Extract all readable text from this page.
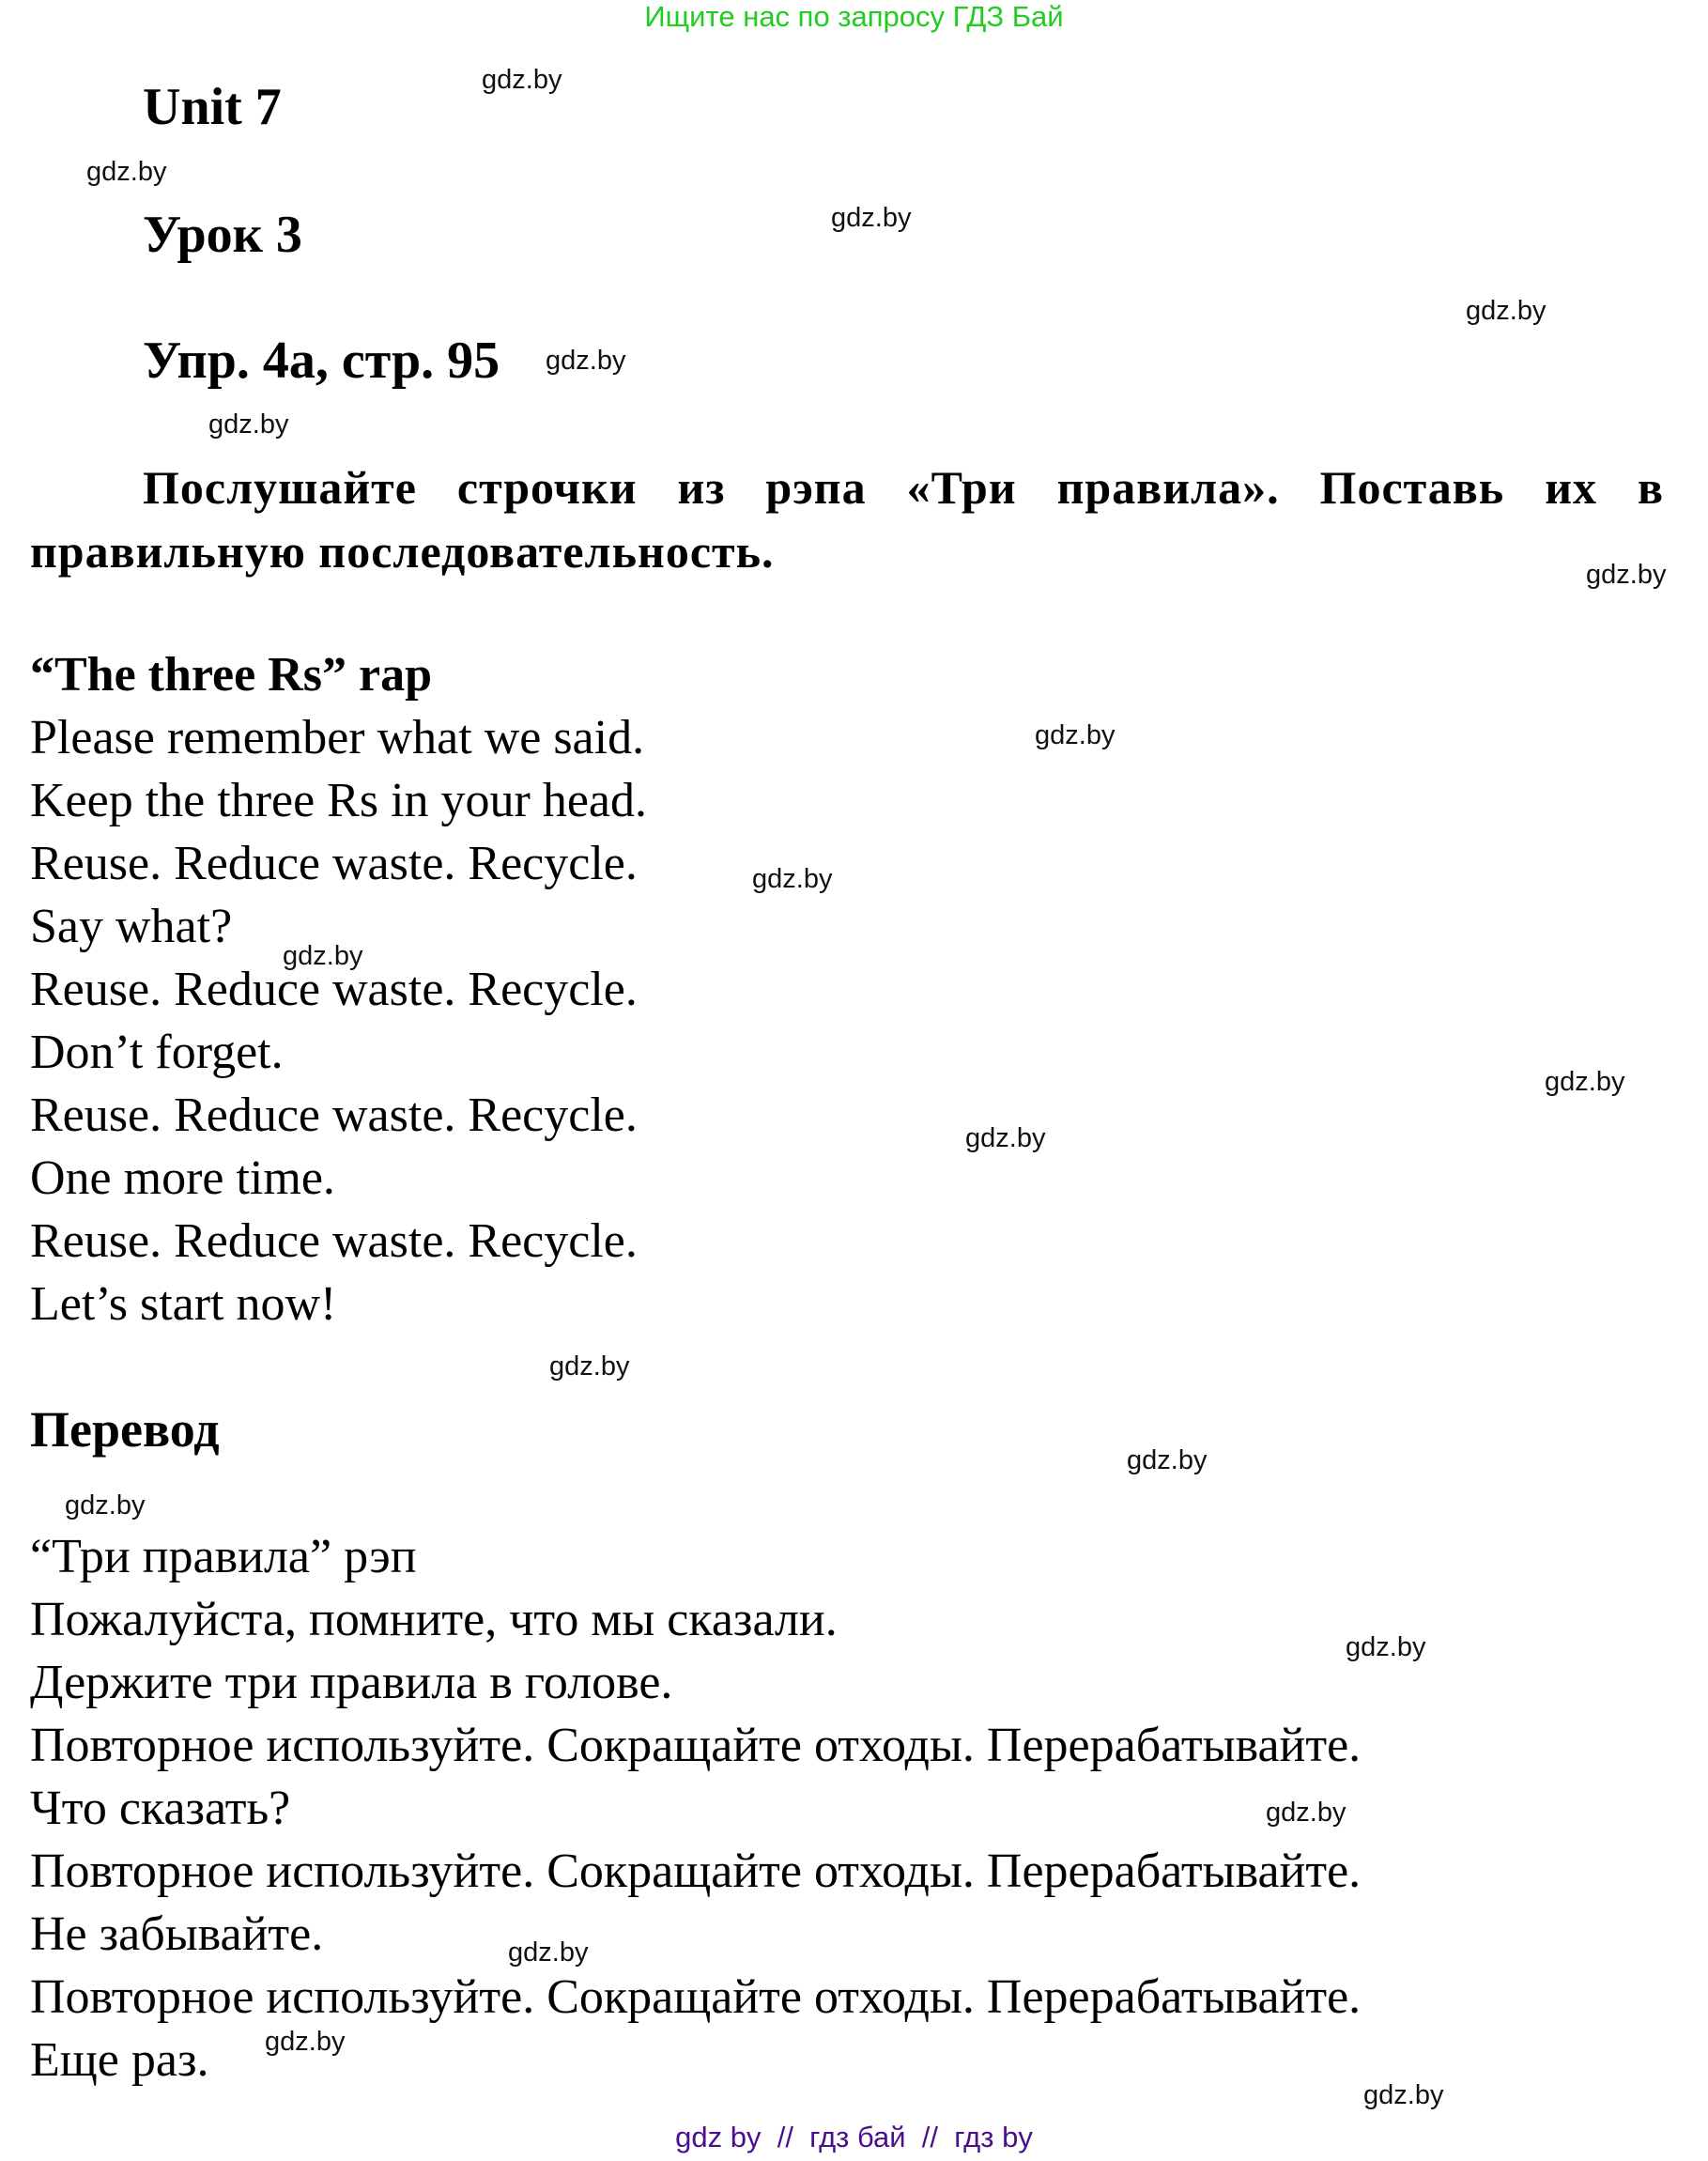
Ищите нас по запросу ГДЗ Бай
Unit 7
Урок 3
Упр. 4а, стр. 95
Послушайте строчки из рэпа «Три правила». Поставь их в правильную последовательность.
“The three Rs” rap
Please remember what we said.
Keep the three Rs in your head.
Reuse. Reduce waste. Recycle.
Say what?
Reuse. Reduce waste. Recycle.
Don’t forget.
Reuse. Reduce waste. Recycle.
One more time.
Reuse. Reduce waste. Recycle.
Let’s start now!
Перевод
“Три правила” рэп
Пожалуйста, помните, что мы сказали.
Держите три правила в голове.
Повторное используйте. Сокращайте отходы. Перерабатывайте.
Что сказать?
Повторное используйте. Сокращайте отходы. Перерабатывайте.
Не забывайте.
Повторное используйте. Сокращайте отходы. Перерабатывайте.
Еще раз.
gdz.by
gdz.by
gdz.by
gdz.by
gdz.by
gdz.by
gdz.by
gdz.by
gdz.by
gdz.by
gdz.by
gdz.by
gdz.by
gdz.by
gdz.by
gdz.by
gdz.by
gdz.by
gdz.by
gdz.by
gdz by  //  гдз бай  //  гдз by
